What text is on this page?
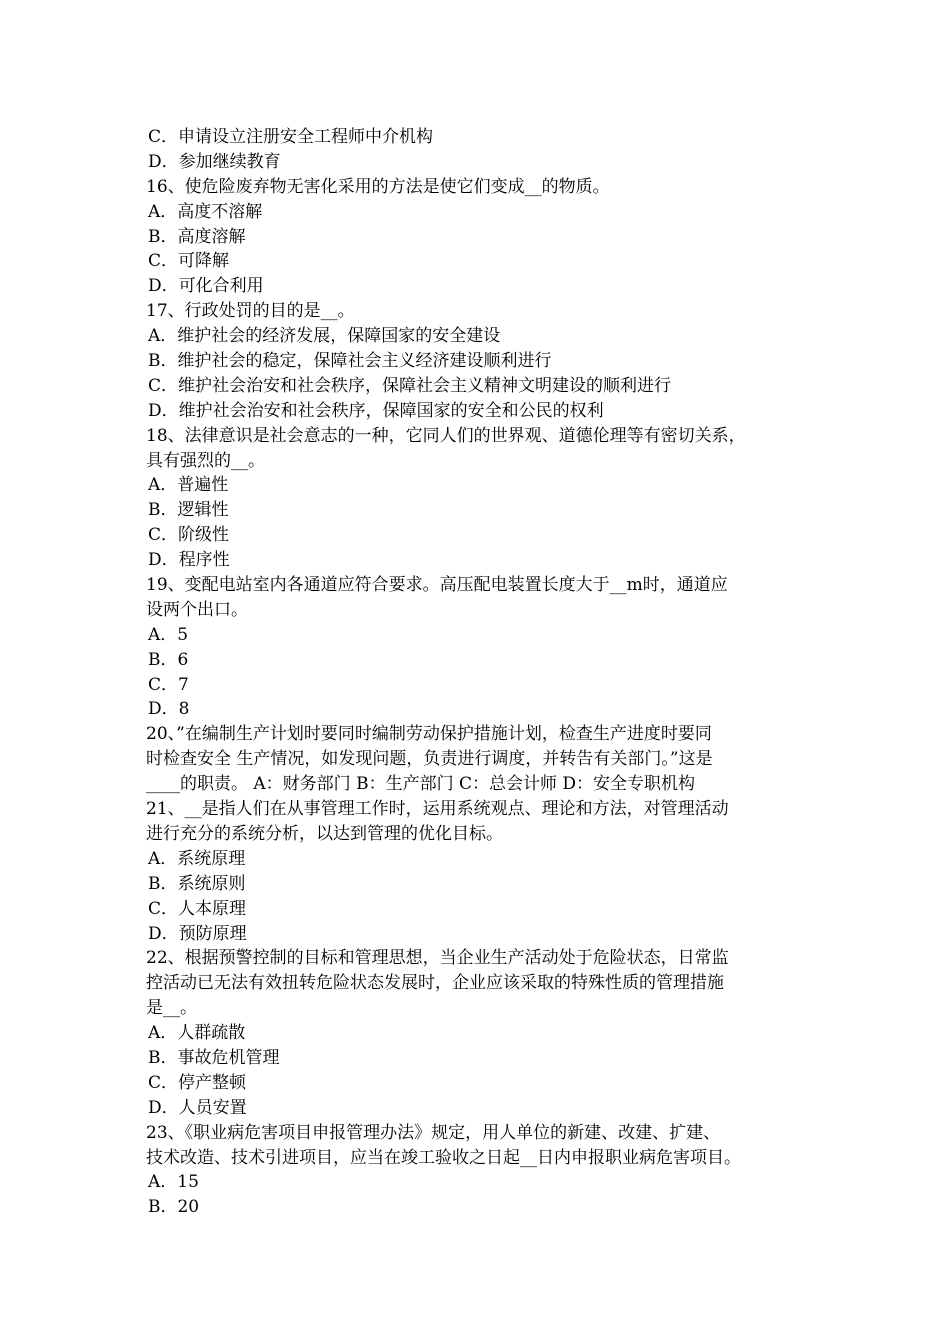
C．申请设立注册安全工程师中介机构
D．参加继续教育
16、使危险废弃物无害化采用的方法是使它们变成__的物质。
A．高度不溶解
B．高度溶解
C．可降解
D．可化合利用
17、行政处罚的目的是__。
A．维护社会的经济发展，保障国家的安全建设
B．维护社会的稳定，保障社会主义经济建设顺利进行
C．维护社会治安和社会秩序，保障社会主义精神文明建设的顺利进行
D．维护社会治安和社会秩序，保障国家的安全和公民的权利
18、法律意识是社会意志的一种，它同人们的世界观、道德伦理等有密切关系，
具有强烈的__。
A．普遍性
B．逻辑性
C．阶级性
D．程序性
19、变配电站室内各通道应符合要求。高压配电装置长度大于__m时，通道应
设两个出口。
A．5
B．6
C．7
D．8
20、”在编制生产计划时要同时编制劳动保护措施计划，检查生产进度时要同
时检查安全 生产情况，如发现问题，负责进行调度，并转告有关部门。”这是
____的职责。 A：财务部门 B：生产部门 C：总会计师 D：安全专职机构
21、__是指人们在从事管理工作时，运用系统观点、理论和方法，对管理活动
进行充分的系统分析，以达到管理的优化目标。
A．系统原理
B．系统原则
C．人本原理
D．预防原理
22、根据预警控制的目标和管理思想，当企业生产活动处于危险状态，日常监
控活动已无法有效扭转危险状态发展时，企业应该采取的特殊性质的管理措施
是__。
A．人群疏散
B．事故危机管理
C．停产整顿
D．人员安置
23、《职业病危害项目申报管理办法》规定，用人单位的新建、改建、扩建、
技术改造、技术引进项目，应当在竣工验收之日起__日内申报职业病危害项目。
A．15
B．20
